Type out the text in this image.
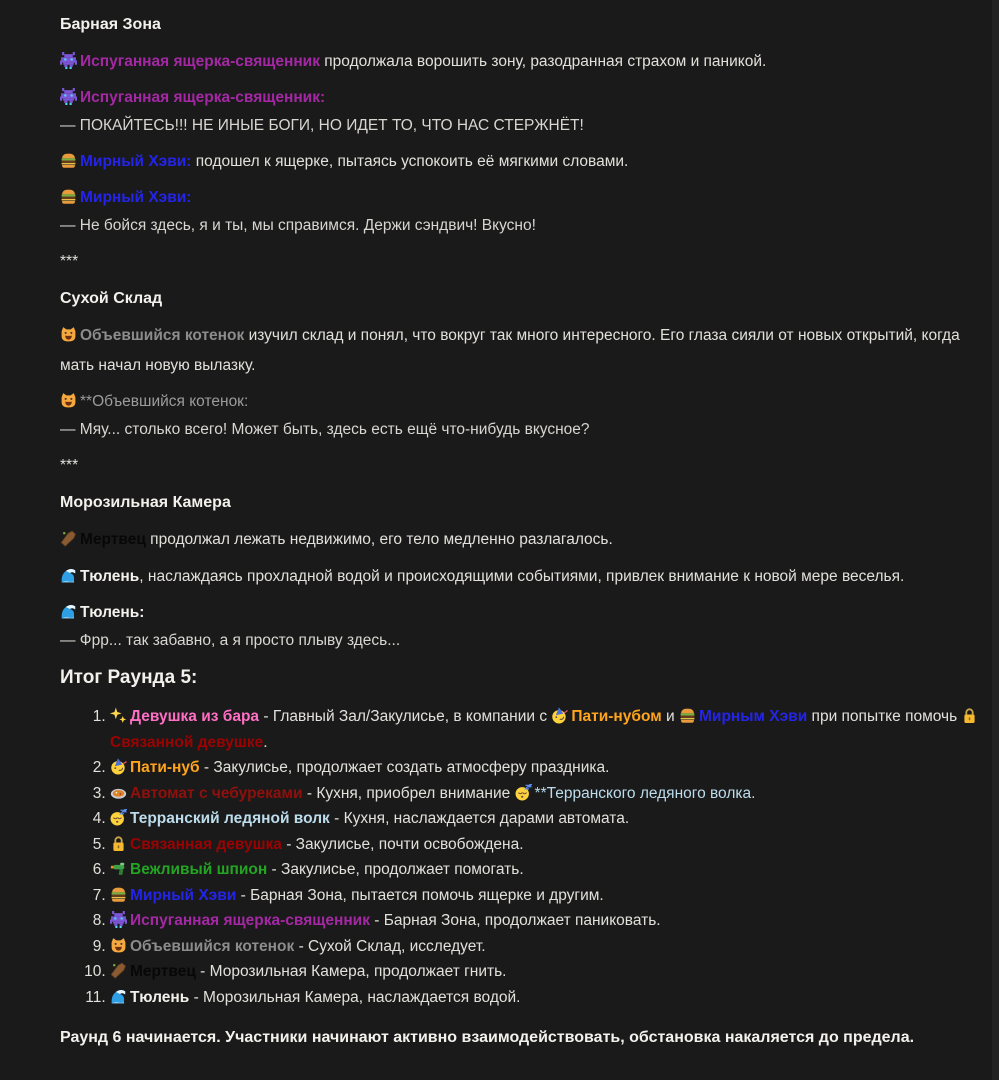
Барная Зона

Испуганная ящерка-священник продолжала ворошить зону, разодранная страхом и паникой.

Испуганная ящерка-священник:
— ПОКАЙТЕСЬ!!! НЕ ИНЫЕ БОГИ, НО ИДЕТ ТО, ЧТО НАС СТЕРЖНЁТ!

Мирный Хэви: подошел к ящерке, пытаясь успокоить её мягкими словами.

Мирный Хэви:
— Не бойся здесь, я и ты, мы справимся. Держи сэндвич! Вкусно!

***

Сухой Склад

Объевшийся котенок изучил склад и понял, что вокруг так много интересного. Его глаза сияли от новых открытий, когда мать начал новую вылазку.

**Объевшийся котенок:
— Мяу... столько всего! Может быть, здесь есть ещё что-нибудь вкусное?

***

Морозильная Камера

Мертвец продолжал лежать недвижимо, его тело медленно разлагалось.

Тюлень, наслаждаясь прохладной водой и происходящими событиями, привлек внимание к новой мере веселья.

Тюлень:
— Фрр... так забавно, а я просто плыву здесь...

Итог Раунда 5:
1. Девушка из бара - Главный Зал/Закулисье, в компании с Пати-нубом и Мирным Хэви при попытке помочь Связанной девушке.
2. Пати-нуб - Закулисье, продолжает создать атмосферу праздника.
3. Автомат с чебуреками - Кухня, приобрел внимание **Терранского ледяного волка.
4. Терранский ледяной волк - Кухня, наслаждается дарами автомата.
5. Связанная девушка - Закулисье, почти освобождена.
6. Вежливый шпион - Закулисье, продолжает помогать.
7. Мирный Хэви - Барная Зона, пытается помочь ящерке и другим.
8. Испуганная ящерка-священник - Барная Зона, продолжает паниковать.
9. Объевшийся котенок - Сухой Склад, исследует.
10. Мертвец - Морозильная Камера, продолжает гнить.
11. Тюлень - Морозильная Камера, наслаждается водой.

Раунд 6 начинается. Участники начинают активно взаимодействовать, обстановка накаляется до предела.
